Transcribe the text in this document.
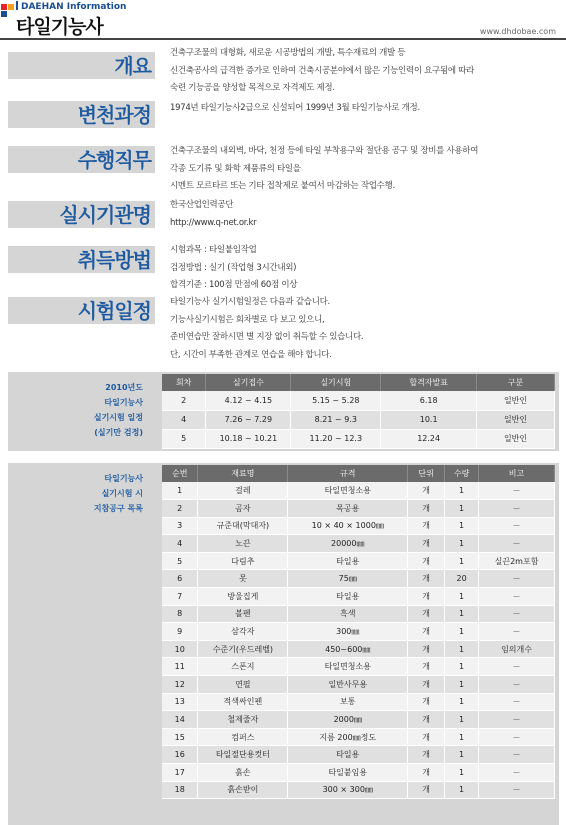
DAEHAN Information
타일기능사	www.dhdobae.com
개요

건축구조물의 대형화, 새로운 시공방법의 개발, 특수재료의 개발 등

신건축공사의 급격한 증가로 인하여 건축시공분야에서 많은 기능인력이 요구됨에 따라

숙련 기능공을 양성할 목적으로 자격제도 제정.

변천과정 1974년 타일기능사2급으로 신설되어 1999년 3월 타일기능사로 개정.

수행직무 건축구조물의 내외벽, 바닥, 천정 등에 타일 부착용구와 절단용 공구 및 장비를 사용하여

각종 도기류 및 화학 제품류의 타일을

시멘트 모르타르 또는 기타 접착제로 붙여서 마감하는 작업수행.

실시기관명 한국산업인력공단

http://www.q-net.or.kr

취득방법 시험과목 : 타일붙임작업

검정방법 : 실기 (작업형 3시간내외)

합격기준 : 100점 만점에 60점 이상

시험일정 타일기능사 실기시험일정은 다음과 같습니다.

기능사실기시험은 회차별로 다 보고 있으니,

준비연습만 잘하시면 별 지장 없이 취득할 수 있습니다.

단, 시간이 부족한 관계로 연습을 해야 합니다.

2010년도
타일기능사
실기시험 일정
(실기만 검정)
회차	실기접수	실기시험	합격자발표	구분
2	4.12 ~ 4.15	5.15 ~ 5.28	6.18	일반인
4	7.26 ~ 7.29	8.21 ~ 9.3	10.1	일반인
5	10.18 ~ 10.21	11.20 ~ 12.3	12.24	일반인
타일기능사
실기시험 시
지참공구 목록
순번	재료명	규격	단위	수량	비고
1	걸레	타일면청소용	개	1	－
2	곰자	목공용	개	1	－
3	규준대(막대자)	10 × 40 × 1000㎜	개	1	－
4	노끈	20000㎜	개	1	－
5	다림추	타일용	개	1	실끈2m포함
6	못	75㎜	개	20	－
7	방울집게	타일용	개	1	－
8	볼펜	흑색	개	1	－
9	삼각자	300㎜	개	1	－
10	수준기(우드레벨)	450~600㎜	개	1	임의개수
11	스폰지	타일면청소용	개	1	－
12	연필	일반사무용	개	1	－
13	적색싸인펜	보통	개	1	－
14	철제줄자	2000㎜	개	1	－
15	컴퍼스	지름 200㎜정도	개	1	－
16	타일절단용컷터	타일용	개	1	－
17	흙손	타일붙임용	개	1	－
18	흙손받이	300 × 300㎜	개	1	－
